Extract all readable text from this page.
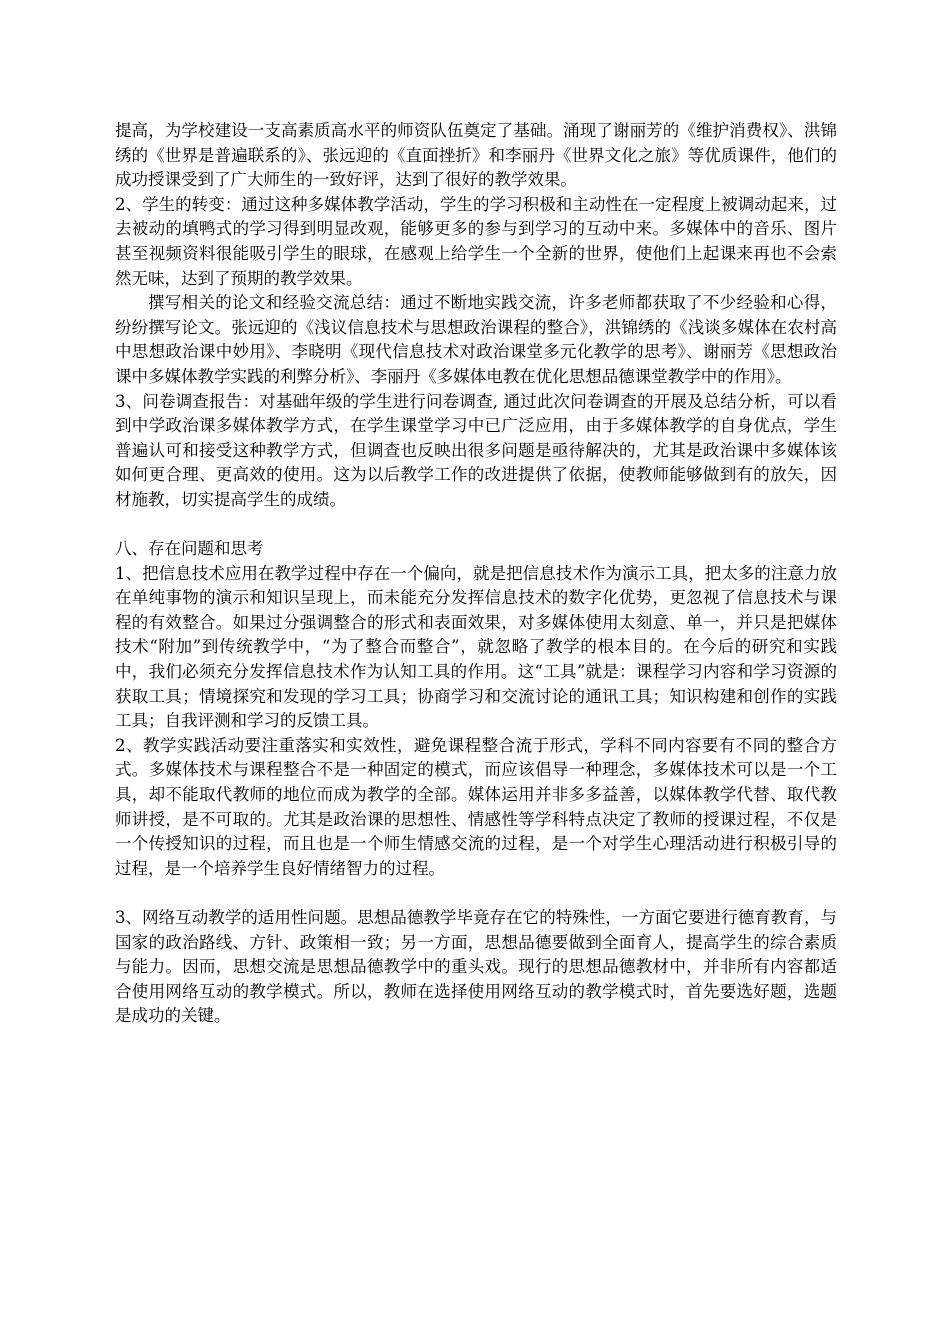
提高，为学校建设一支高素质高水平的师资队伍奠定了基础。涌现了谢丽芳的《维护消费权》、洪锦绣的《世界是普遍联系的》、张远迎的《直面挫折》和李丽丹《世界文化之旅》等优质课件，他们的成功授课受到了广大师生的一致好评，达到了很好的教学效果。

2、学生的转变：通过这种多媒体教学活动，学生的学习积极和主动性在一定程度上被调动起来，过去被动的填鸭式的学习得到明显改观，能够更多的参与到学习的互动中来。多媒体中的音乐、图片甚至视频资料很能吸引学生的眼球，在感观上给学生一个全新的世界，使他们上起课来再也不会索然无味，达到了预期的教学效果。

撰写相关的论文和经验交流总结：通过不断地实践交流，许多老师都获取了不少经验和心得，纷纷撰写论文。张远迎的《浅议信息技术与思想政治课程的整合》，洪锦绣的《浅谈多媒体在农村高中思想政治课中妙用》、李晓明《现代信息技术对政治课堂多元化教学的思考》、谢丽芳《思想政治课中多媒体教学实践的利弊分析》、李丽丹《多媒体电教在优化思想品德课堂教学中的作用》。

3、问卷调查报告：对基础年级的学生进行问卷调查, 通过此次问卷调查的开展及总结分析，可以看到中学政治课多媒体教学方式，在学生课堂学习中已广泛应用，由于多媒体教学的自身优点，学生普遍认可和接受这种教学方式，但调查也反映出很多问题是亟待解决的，尤其是政治课中多媒体该如何更合理、更高效的使用。这为以后教学工作的改进提供了依据，使教师能够做到有的放矢，因材施教，切实提高学生的成绩。

八、存在问题和思考

1、把信息技术应用在教学过程中存在一个偏向，就是把信息技术作为演示工具，把太多的注意力放在单纯事物的演示和知识呈现上，而未能充分发挥信息技术的数字化优势，更忽视了信息技术与课程的有效整合。如果过分强调整合的形式和表面效果，对多媒体使用太刻意、单一，并只是把媒体技术“附加”到传统教学中，“为了整合而整合”，就忽略了教学的根本目的。在今后的研究和实践中，我们必须充分发挥信息技术作为认知工具的作用。这“工具”就是：课程学习内容和学习资源的获取工具；情境探究和发现的学习工具；协商学习和交流讨论的通讯工具；知识构建和创作的实践工具；自我评测和学习的反馈工具。

2、教学实践活动要注重落实和实效性，避免课程整合流于形式，学科不同内容要有不同的整合方式。多媒体技术与课程整合不是一种固定的模式，而应该倡导一种理念，多媒体技术可以是一个工具，却不能取代教师的地位而成为教学的全部。媒体运用并非多多益善，以媒体教学代替、取代教师讲授，是不可取的。尤其是政治课的思想性、情感性等学科特点决定了教师的授课过程，不仅是一个传授知识的过程，而且也是一个师生情感交流的过程，是一个对学生心理活动进行积极引导的过程，是一个培养学生良好情绪智力的过程。

3、网络互动教学的适用性问题。思想品德教学毕竟存在它的特殊性，一方面它要进行德育教育，与国家的政治路线、方针、政策相一致；另一方面，思想品德要做到全面育人，提高学生的综合素质与能力。因而，思想交流是思想品德教学中的重头戏。现行的思想品德教材中，并非所有内容都适合使用网络互动的教学模式。所以，教师在选择使用网络互动的教学模式时，首先要选好题，选题是成功的关键。
